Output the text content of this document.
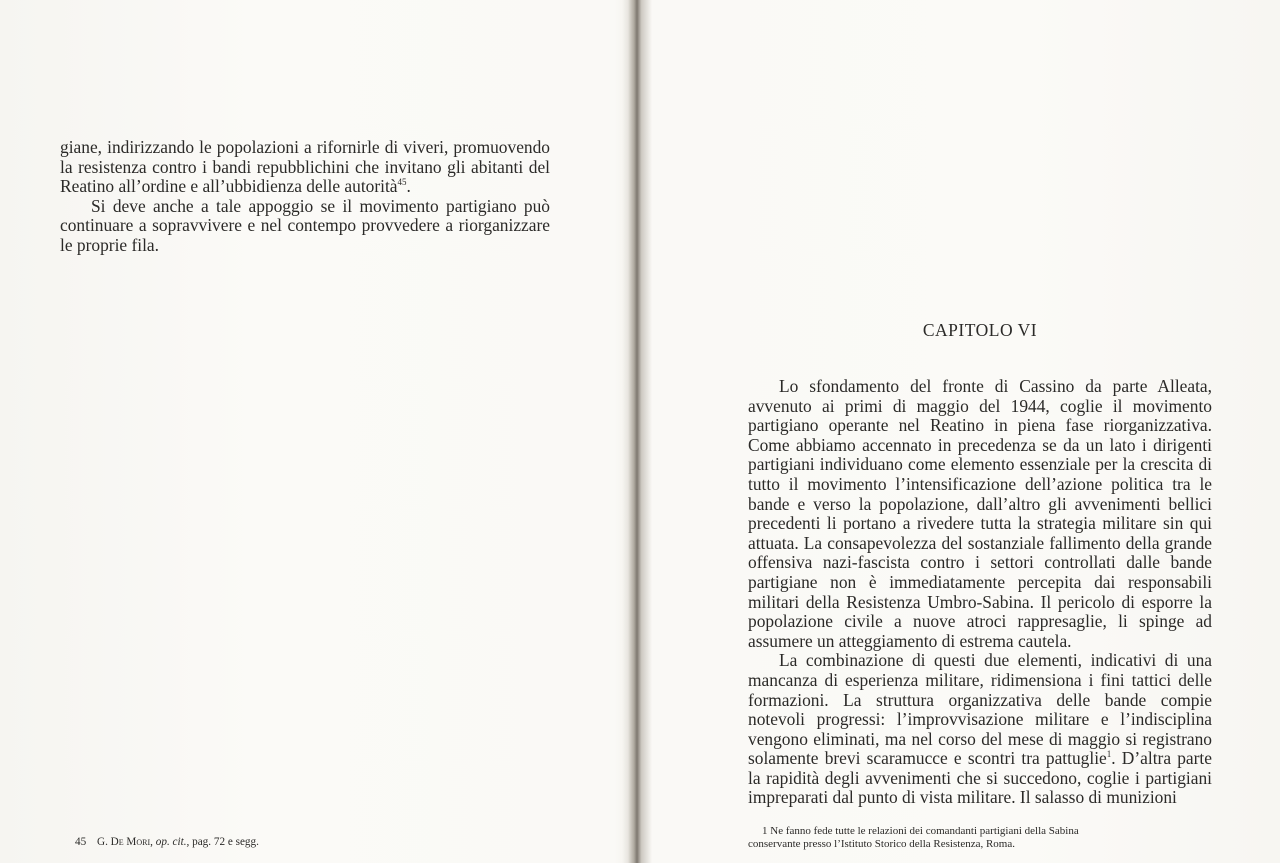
giane, indirizzando le popolazioni a rifornirle di viveri, promuovendo la resistenza contro i bandi repubblichini che invitano gli abitanti del Reatino all’ordine e all’ubbidienza delle autorità$^{45}$.

Si deve anche a tale appoggio se il movimento partigiano può continuare a sopravvivere e nel contempo provvedere a riorganizzare le proprie fila.

45 G. De Mori, op. cit., pag. 72 e segg.
CAPITOLO VI

Lo sfondamento del fronte di Cassino da parte Alleata, avvenuto ai primi di maggio del 1944, coglie il movimento partigiano operante nel Reatino in piena fase riorganizzativa. Come abbiamo accennato in precedenza se da un lato i dirigenti partigiani individuano come elemento essenziale per la crescita di tutto il movimento l’intensificazione dell’azione politica tra le bande e verso la popolazione, dall’altro gli avvenimenti bellici precedenti li portano a rivedere tutta la strategia militare sin qui attuata. La consapevolezza del sostanziale fallimento della grande offensiva nazi-fascista contro i settori controllati dalle bande partigiane non è immediatamente percepita dai responsabili militari della Resistenza Umbro-Sabina. Il pericolo di esporre la popolazione civile a nuove atroci rappresaglie, li spinge ad assumere un atteggiamento di estrema cautela.

La combinazione di questi due elementi, indicativi di una mancanza di esperienza militare, ridimensiona i fini tattici delle formazioni. La struttura organizzativa delle bande compie notevoli progressi: l’improvvisazione militare e l’indisciplina vengono eliminati, ma nel corso del mese di maggio si registrano solamente brevi scaramucce e scontri tra pattuglie$^1$. D’altra parte la rapidità degli avvenimenti che si succedono, coglie i partigiani impreparati dal punto di vista militare. Il salasso di munizioni

1 Ne fanno fede tutte le relazioni dei comandanti partigiani della Sabina
conservante presso l’Istituto Storico della Resistenza, Roma.
